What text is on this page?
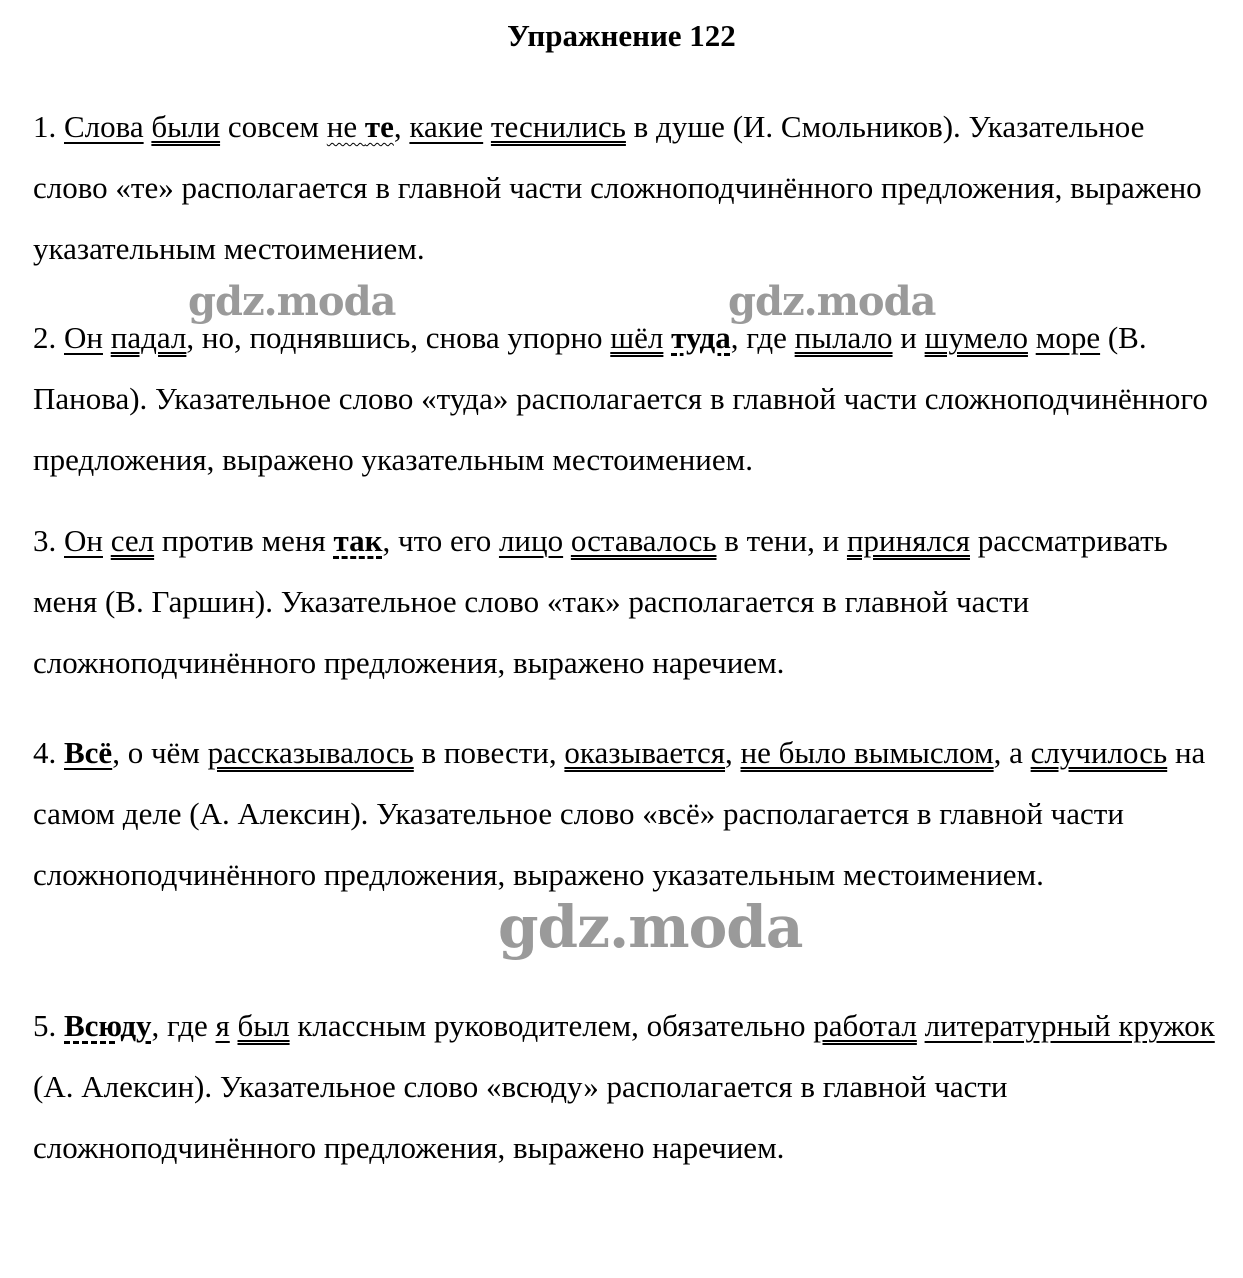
Упражнение 122
gdz.moda	gdz.moda
gdz.moda

1. Слова были совсем не те, какие теснились в душе (И. Смольников). Указательное слово «те» располагается в главной части сложноподчинённого предложения, выражено указательным местоимением.

2. Он падал, но, поднявшись, снова упорно шёл туда, где пылало и шумело море (В. Панова). Указательное слово «туда» располагается в главной части сложноподчинённого предложения, выражено указательным местоимением.

3. Он сел против меня так, что его лицо оставалось в тени, и принялся рассматривать меня (В. Гаршин). Указательное слово «так» располагается в главной части сложноподчинённого предложения, выражено наречием.

4. Всё, о чём рассказывалось в повести, оказывается, не было вымыслом, а случилось на самом деле (А. Алексин). Указательное слово «всё» располагается в главной части сложноподчинённого предложения, выражено указательным местоимением.

5. Всюду, где я был классным руководителем, обязательно работал литературный кружок (А. Алексин). Указательное слово «всюду» располагается в главной части сложноподчинённого предложения, выражено наречием.
